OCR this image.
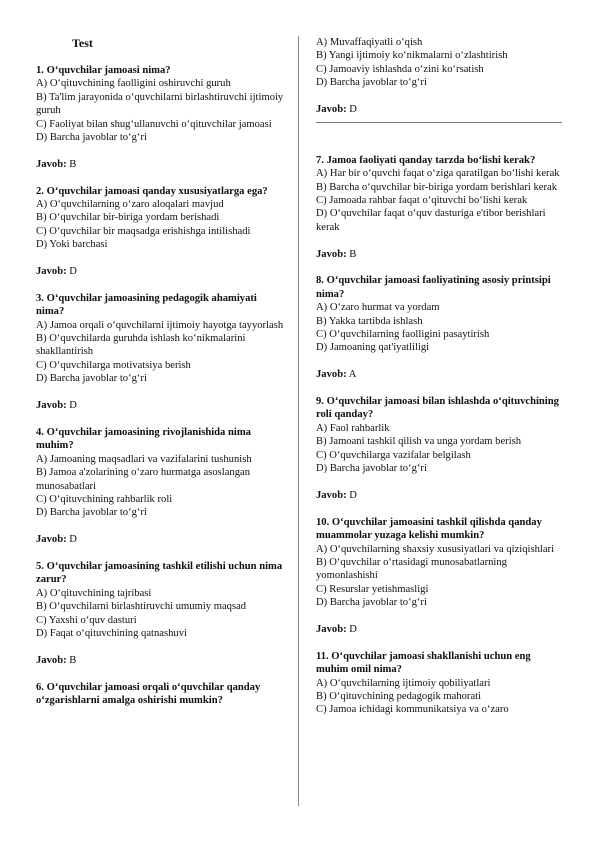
Test
1. O‘quvchilar jamoasi nima?
A) O‘qituvchining faolligini oshiruvchi guruh
B) Ta'lim jarayonida o‘quvchilarni birlashtiruvchi ijtimoiy guruh
C) Faoliyat bilan shug‘ullanuvchi o‘qituvchilar jamoasi
D) Barcha javoblar to‘g‘ri
Javob: B
2. O‘quvchilar jamoasi qanday xususiyatlarga ega?
A) O‘quvchilarning o‘zaro aloqalari mavjud
B) O‘quvchilar bir-biriga yordam berishadi
C) O‘quvchilar bir maqsadga erishishga intilishadi
D) Yoki barchasi
Javob: D
3. O‘quvchilar jamoasining pedagogik ahamiyati nima?
A) Jamoa orqali o‘quvchilarni ijtimoiy hayotga tayyorlash
B) O‘quvchilarda guruhda ishlash ko‘nikmalarini shakllantirish
C) O‘quvchilarga motivatsiya berish
D) Barcha javoblar to‘g‘ri
Javob: D
4. O‘quvchilar jamoasining rivojlanishida nima muhim?
A) Jamoaning maqsadlari va vazifalarini tushunish
B) Jamoa a'zolarining o‘zaro hurmatga asoslangan munosabatlari
C) O‘qituvchining rahbarlik roli
D) Barcha javoblar to‘g‘ri
Javob: D
5. O‘quvchilar jamoasining tashkil etilishi uchun nima zarur?
A) O‘qituvchining tajribasi
B) O‘quvchilarni birlashtiruvchi umumiy maqsad
C) Yaxshi o‘quv dasturi
D) Faqat o‘qituvchining qatnashuvi
Javob: B
6. O‘quvchilar jamoasi orqali o‘quvchilar qanday o‘zgarishlarni amalga oshirishi mumkin?
A) Muvaffaqiyatli o‘qish
B) Yangi ijtimoiy ko‘nikmalarni o‘zlashtirish
C) Jamoaviy ishlashda o‘zini ko‘rsatish
D) Barcha javoblar to‘g‘ri
Javob: D
7. Jamoa faoliyati qanday tarzda bo‘lishi kerak?
A) Har bir o‘quvchi faqat o‘ziga qaratilgan bo‘lishi kerak
B) Barcha o‘quvchilar bir-biriga yordam berishlari kerak
C) Jamoada rahbar faqat o‘qituvchi bo‘lishi kerak
D) O‘quvchilar faqat o‘quv dasturiga e'tibor berishlari kerak
Javob: B
8. O‘quvchilar jamoasi faoliyatining asosiy printsipi nima?
A) O‘zaro hurmat va yordam
B) Yakka tartibda ishlash
C) O‘quvchilarning faolligini pasaytirish
D) Jamoaning qat'iyatliligi
Javob: A
9. O‘quvchilar jamoasi bilan ishlashda o‘qituvchining roli qanday?
A) Faol rahbarlik
B) Jamoani tashkil qilish va unga yordam berish
C) O‘quvchilarga vazifalar belgilash
D) Barcha javoblar to‘g‘ri
Javob: D
10. O‘quvchilar jamoasini tashkil qilishda qanday muammolar yuzaga kelishi mumkin?
A) O‘quvchilarning shaxsiy xususiyatlari va qiziqishlari
B) O‘quvchilar o‘rtasidagi munosabatlarning yomonlashishi
C) Resurslar yetishmasligi
D) Barcha javoblar to‘g‘ri
Javob: D
11. O‘quvchilar jamoasi shakllanishi uchun eng muhim omil nima?
A) O‘quvchilarning ijtimoiy qobiliyatlari
B) O‘qituvchining pedagogik mahorati
C) Jamoa ichidagi kommunikatsiya va o‘zaro
